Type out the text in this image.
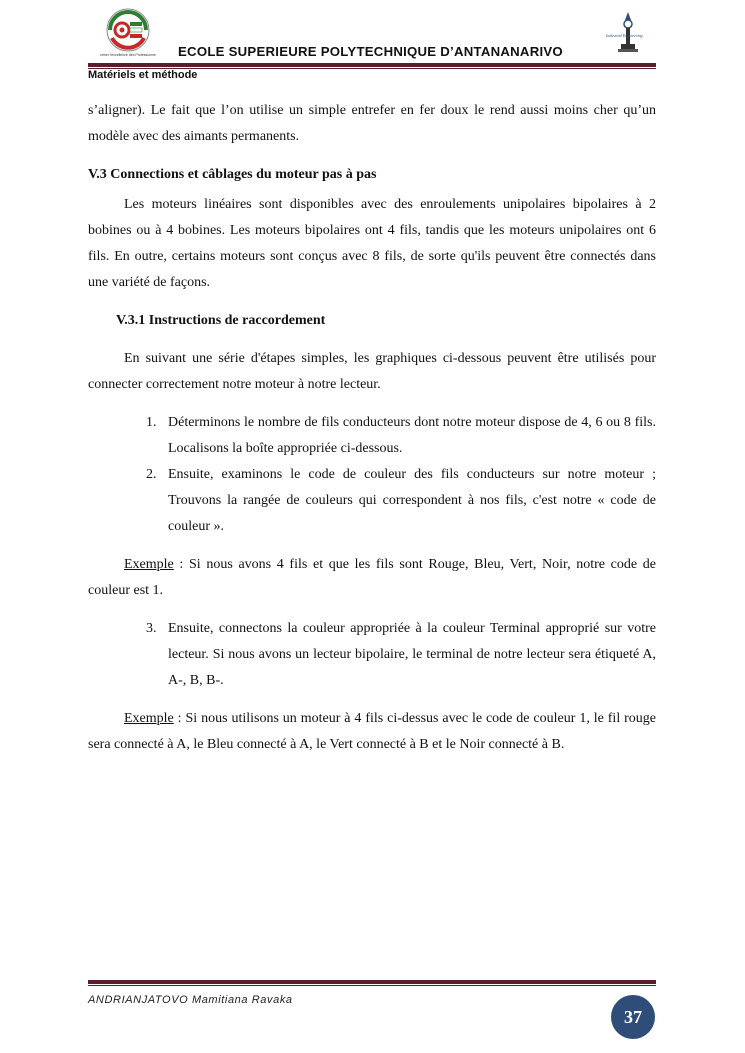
Former l'excellence des Professionnels ECOLE SUPERIEURE POLYTECHNIQUE D’ANTANANARIVO
Industrial Engineering
Matériels et méthode

s’aligner). Le fait que l’on utilise un simple entrefer en fer doux le rend aussi moins cher qu’un modèle avec des aimants permanents.

V.3 Connections et câblages du moteur pas à pas

Les moteurs linéaires sont disponibles avec des enroulements unipolaires bipolaires à 2 bobines ou à 4 bobines. Les moteurs bipolaires ont 4 fils, tandis que les moteurs unipolaires ont 6 fils. En outre, certains moteurs sont conçus avec 8 fils, de sorte qu'ils peuvent être connectés dans une variété de façons.

V.3.1 Instructions de raccordement

En suivant une série d'étapes simples, les graphiques ci-dessous peuvent être utilisés pour connecter correctement notre moteur à notre lecteur.

1. Déterminons le nombre de fils conducteurs dont notre moteur dispose de 4, 6 ou 8 fils. Localisons la boîte appropriée ci-dessous.
2. Ensuite, examinons le code de couleur des fils conducteurs sur notre moteur ; Trouvons la rangée de couleurs qui correspondent à nos fils, c'est notre « code de couleur ».

Exemple : Si nous avons 4 fils et que les fils sont Rouge, Bleu, Vert, Noir, notre code de couleur est 1.

3. Ensuite, connectons la couleur appropriée à la couleur Terminal approprié sur votre lecteur. Si nous avons un lecteur bipolaire, le terminal de notre lecteur sera étiqueté A, A-, B, B-.

Exemple : Si nous utilisons un moteur à 4 fils ci-dessus avec le code de couleur 1, le fil rouge sera connecté à A, le Bleu connecté à A, le Vert connecté à B et le Noir connecté à B.

ANDRIANJATOVO Mamitiana Ravaka
37
